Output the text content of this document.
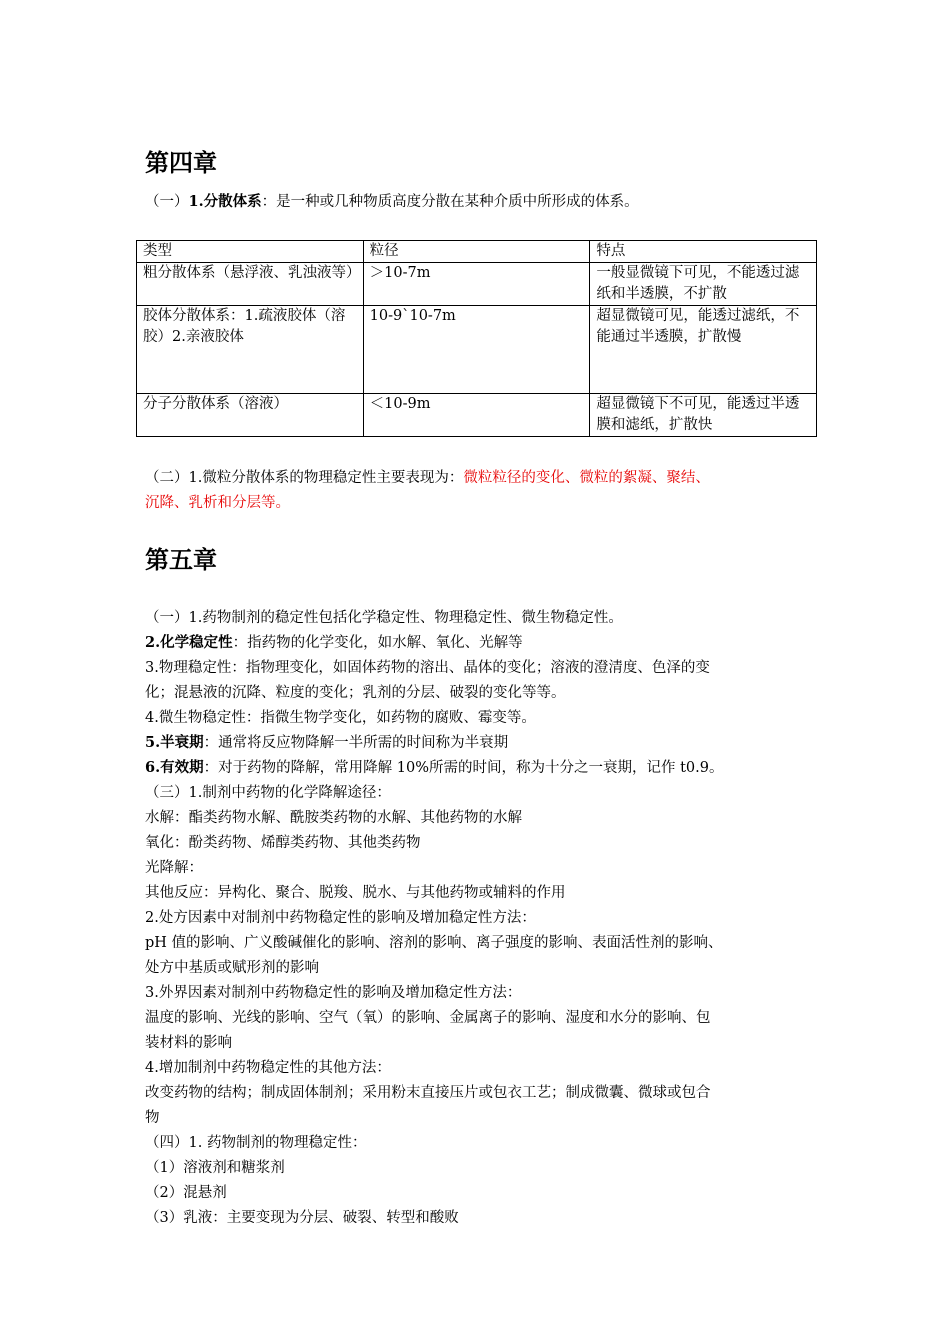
第四章
（一）1.分散体系：是一种或几种物质高度分散在某种介质中所形成的体系。
类型	粒径	特点
粗分散体系（悬浮液、乳浊液等）	＞10-7m	一般显微镜下可见，不能透过滤纸和半透膜，不扩散
胶体分散体系：1.疏液胶体（溶胶）2.亲液胶体	10-9`10-7m	超显微镜可见，能透过滤纸，不能通过半透膜，扩散慢
分子分散体系（溶液）	＜10-9m	超显微镜下不可见，能透过半透膜和滤纸，扩散快
（二）1.微粒分散体系的物理稳定性主要表现为：微粒粒径的变化、微粒的絮凝、聚结、
沉降、乳析和分层等。
第五章
（一）1.药物制剂的稳定性包括化学稳定性、物理稳定性、微生物稳定性。
2.化学稳定性：指药物的化学变化，如水解、氧化、光解等
3.物理稳定性：指物理变化，如固体药物的溶出、晶体的变化；溶液的澄清度、色泽的变
化；混悬液的沉降、粒度的变化；乳剂的分层、破裂的变化等等。
4.微生物稳定性：指微生物学变化，如药物的腐败、霉变等。
5.半衰期：通常将反应物降解一半所需的时间称为半衰期
6.有效期：对于药物的降解，常用降解 10%所需的时间，称为十分之一衰期，记作 t0.9。
（三）1.制剂中药物的化学降解途径：
水解：酯类药物水解、酰胺类药物的水解、其他药物的水解
氧化：酚类药物、烯醇类药物、其他类药物
光降解：
其他反应：异构化、聚合、脱羧、脱水、与其他药物或辅料的作用
2.处方因素中对制剂中药物稳定性的影响及增加稳定性方法：
pH 值的影响、广义酸碱催化的影响、溶剂的影响、离子强度的影响、表面活性剂的影响、
处方中基质或赋形剂的影响
3.外界因素对制剂中药物稳定性的影响及增加稳定性方法：
温度的影响、光线的影响、空气（氧）的影响、金属离子的影响、湿度和水分的影响、包
装材料的影响
4.增加制剂中药物稳定性的其他方法：
改变药物的结构；制成固体制剂；采用粉末直接压片或包衣工艺；制成微囊、微球或包合
物
（四）1. 药物制剂的物理稳定性：
（1）溶液剂和糖浆剂
（2）混悬剂
（3）乳液：主要变现为分层、破裂、转型和酸败
